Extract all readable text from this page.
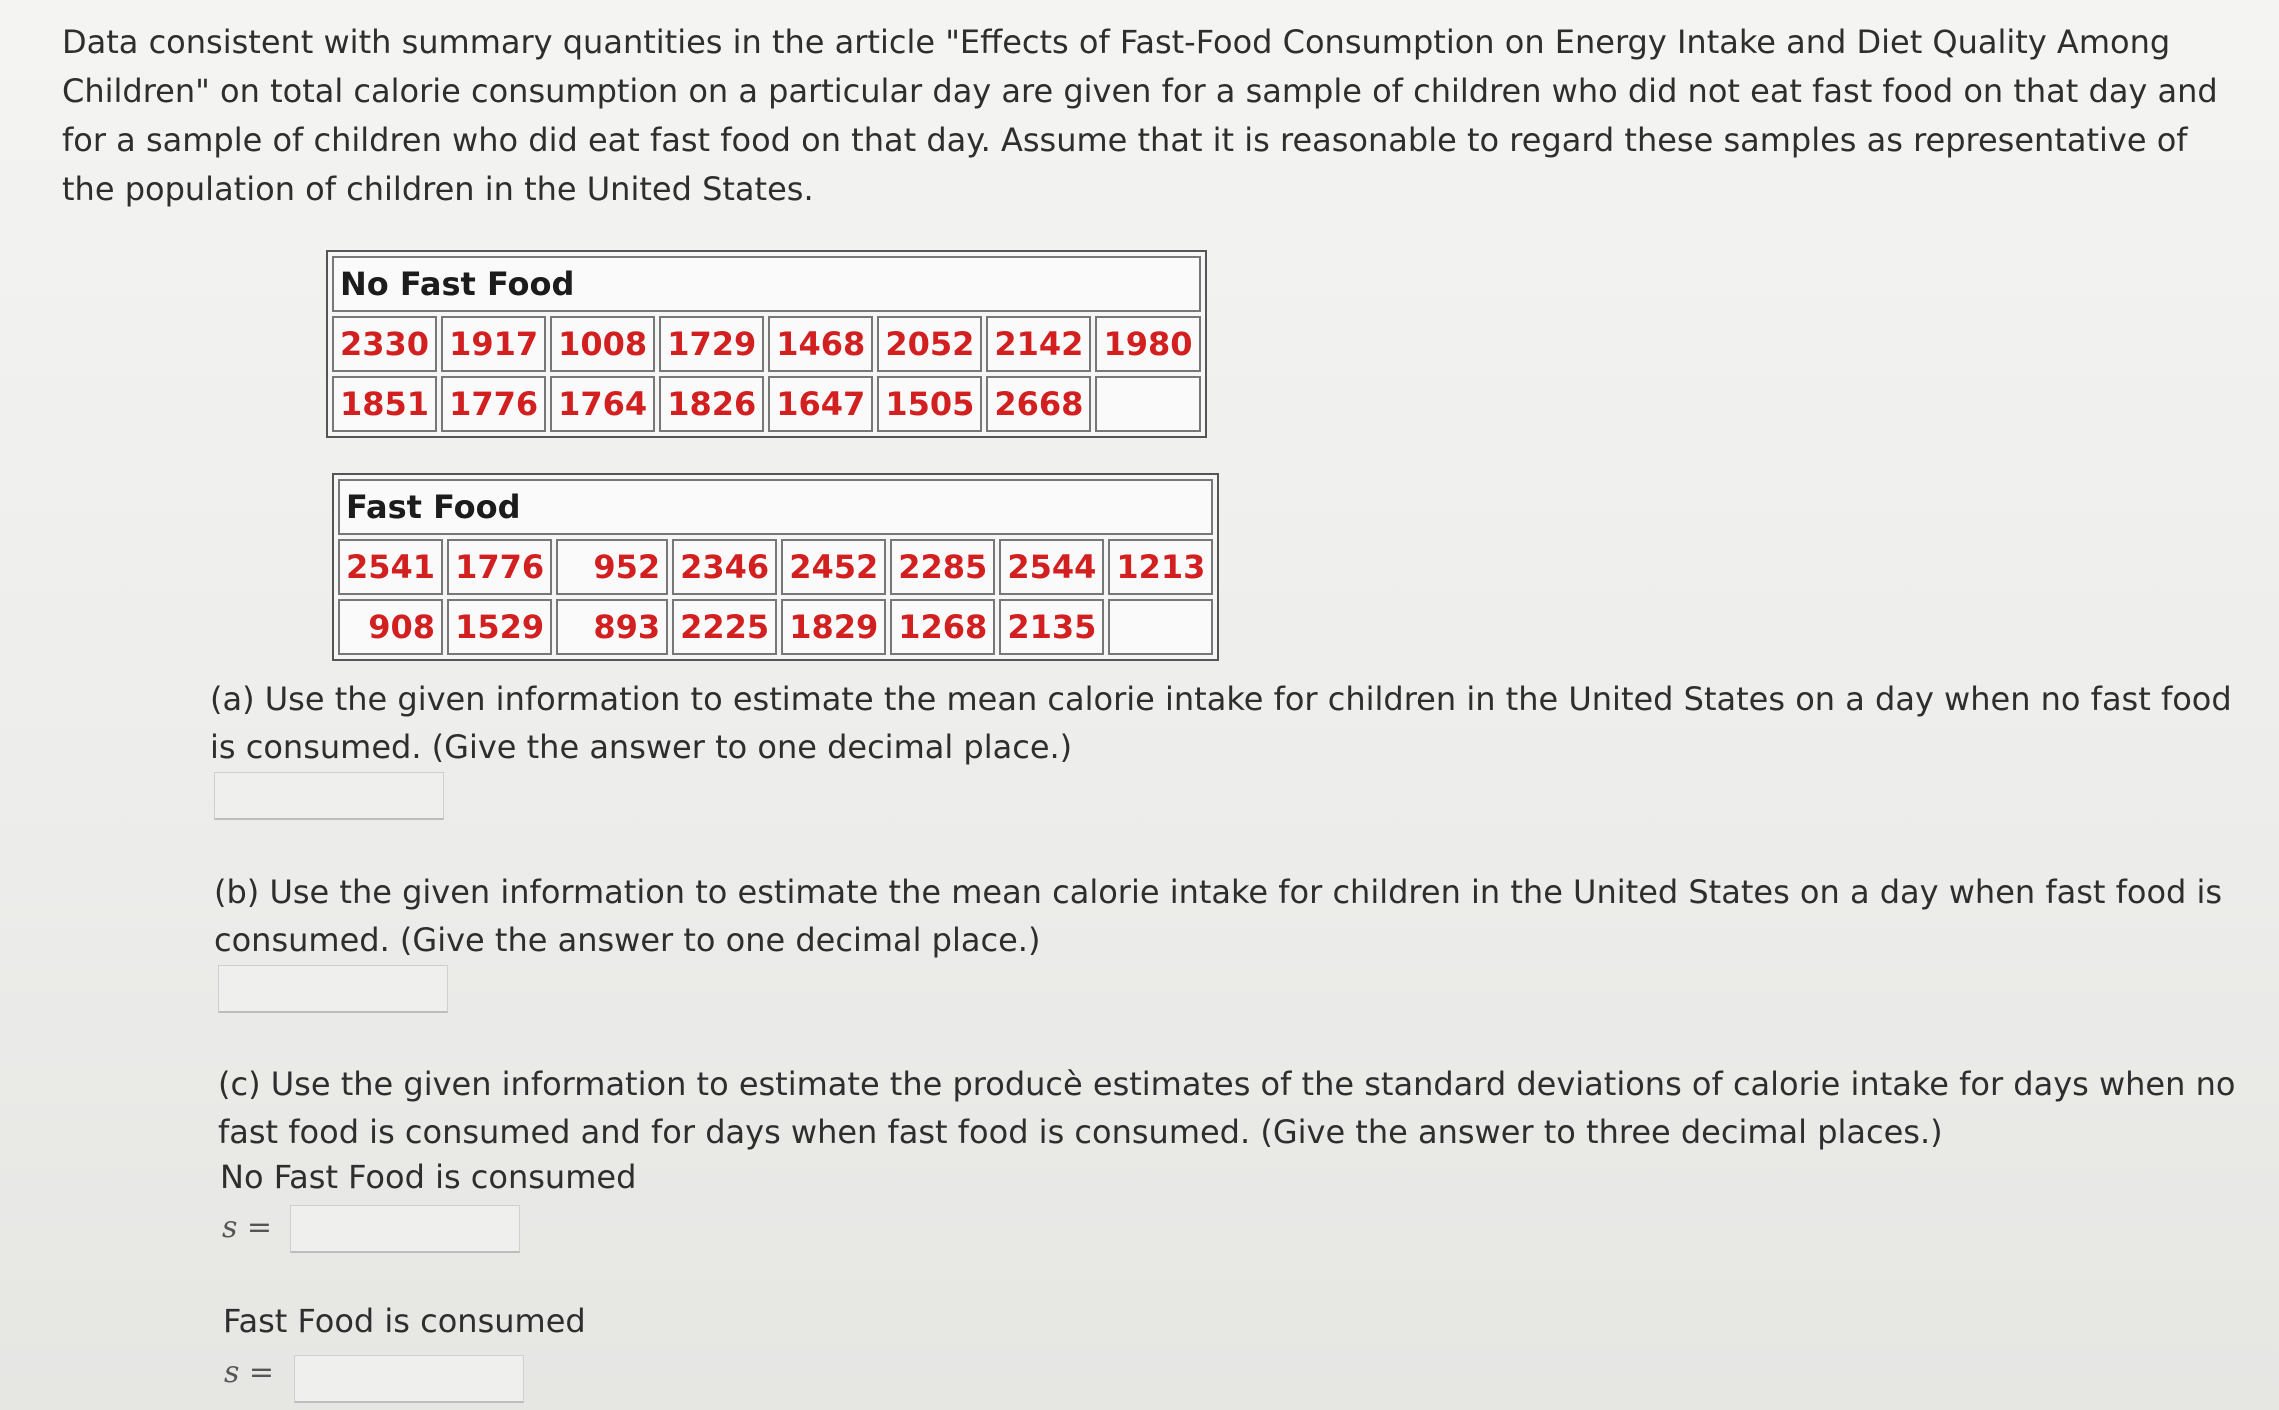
Data consistent with summary quantities in the article "Effects of Fast-Food Consumption on Energy Intake and Diet Quality Among Children" on total calorie consumption on a particular day are given for a sample of children who did not eat fast food on that day and for a sample of children who did eat fast food on that day. Assume that it is reasonable to regard these samples as representative of the population of children in the United States.

No Fast Food							
2330	1917	1008	1729	1468	2052	2142	1980
1851	1776	1764	1826	1647	1505	2668	
Fast Food							
2541	1776	952	2346	2452	2285	2544	1213
908	1529	893	2225	1829	1268	2135	

(a) Use the given information to estimate the mean calorie intake for children in the United States on a day when no fast food is consumed. (Give the answer to one decimal place.)

(b) Use the given information to estimate the mean calorie intake for children in the United States on a day when fast food is consumed. (Give the answer to one decimal place.)

(c) Use the given information to estimate the producè estimates of the standard deviations of calorie intake for days when no fast food is consumed and for days when fast food is consumed. (Give the answer to three decimal places.)

No Fast Food is consumed
s =
Fast Food is consumed
s =
